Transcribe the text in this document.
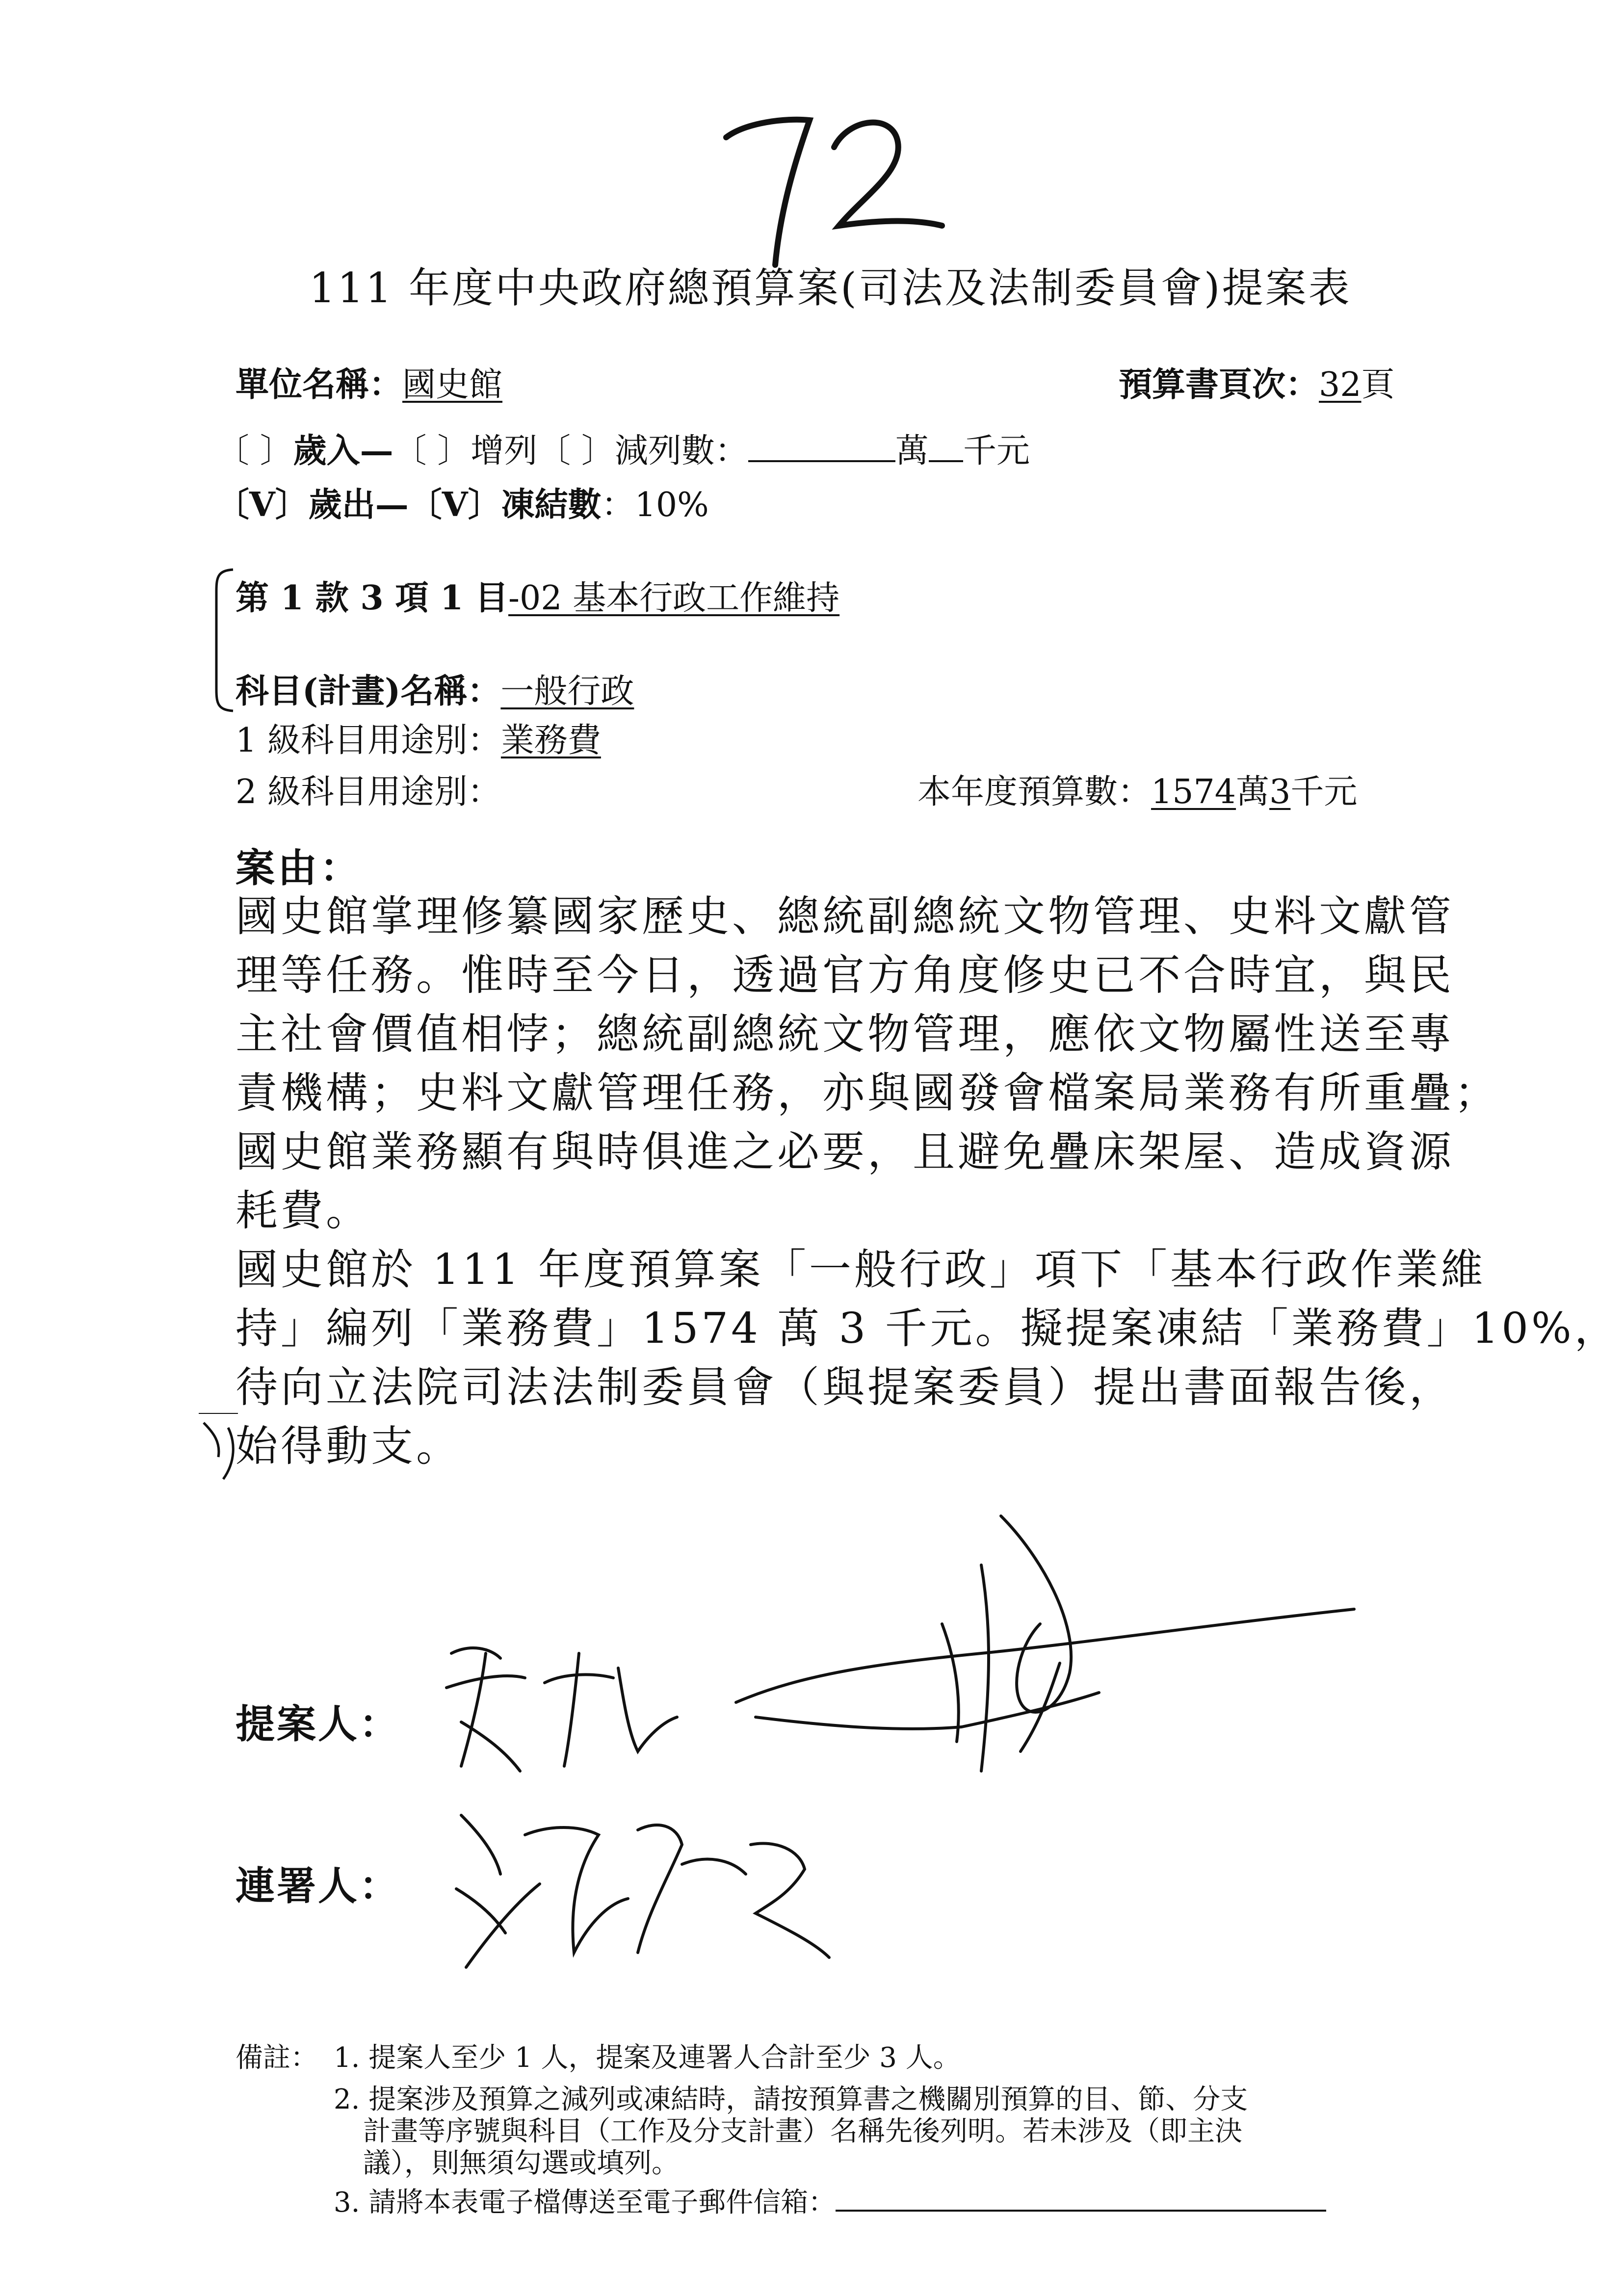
111 年度中央政府總預算案(司法及法制委員會)提案表
單位名稱：國史館	預算書頁次：32頁
〔 〕歲入—〔 〕增列〔 〕減列數：	萬 千元
〔V〕歲出—〔V〕凍結數：10%
第 1 款 3 項 1 目-02 基本行政工作維持
科目(計畫)名稱：一般行政
1 級科目用途別：業務費
2 級科目用途別：	本年度預算數：1574萬3千元
案由：
國史館掌理修纂國家歷史、總統副總統文物管理、史料文獻管
理等任務。惟時至今日，透過官方角度修史已不合時宜，與民
主社會價值相悖；總統副總統文物管理，應依文物屬性送至專
責機構；史料文獻管理任務，亦與國發會檔案局業務有所重疊；
國史館業務顯有與時俱進之必要，且避免疊床架屋、造成資源
耗費。
國史館於 111 年度預算案「一般行政」項下「基本行政作業維
持」編列「業務費」1574 萬 3 千元。擬提案凍結「業務費」10%，
待向立法院司法法制委員會（與提案委員）提出書面報告後，
始得動支。
提案人：
連署人：
備註： 1. 提案人至少 1 人，提案及連署人合計至少 3 人。
2. 提案涉及預算之減列或凍結時，請按預算書之機關別預算的目、節、分支
計畫等序號與科目（工作及分支計畫）名稱先後列明。若未涉及（即主決
議），則無須勾選或填列。
3. 請將本表電子檔傳送至電子郵件信箱：
